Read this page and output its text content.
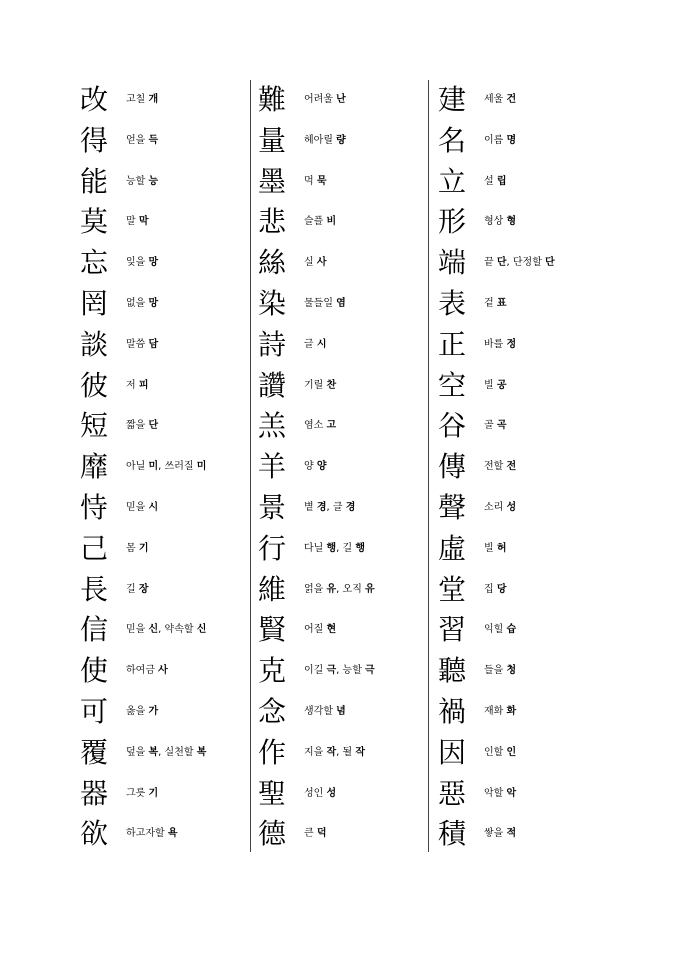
改	고칠 개
得	얻을 득
能	능할 능
莫	말 막
忘	잊을 망
罔	없을 망
談	말씀 담
彼	저 피
短	짧을 단
靡	아닐 미, 쓰러질 미
恃	믿을 시
己	몸 기
長	길 장
信	믿을 신, 약속할 신
使	하여금 사
可	옳을 가
覆	덮을 복, 실천할 복
器	그릇 기
欲	하고자할 욕
難	어려울 난
量	헤아릴 량
墨	먹 묵
悲	슬플 비
絲	실 사
染	물들일 염
詩	글 시
讚	기릴 찬
羔	염소 고
羊	양 양
景	볕 경, 클 경
行	다닐 행, 길 행
維	얽을 유, 오직 유
賢	어질 현
克	이길 극, 능할 극
念	생각할 념
作	지을 작, 될 작
聖	성인 성
德	큰 덕
建	세울 건
名	이름 명
立	설 립
形	형상 형
端	끝 단, 단정할 단
表	겉 표
正	바를 정
空	빌 공
谷	골 곡
傳	전할 전
聲	소리 성
虛	빌 허
堂	집 당
習	익힐 습
聽	들을 청
禍	재화 화
因	인할 인
惡	악할 악
積	쌓을 적
